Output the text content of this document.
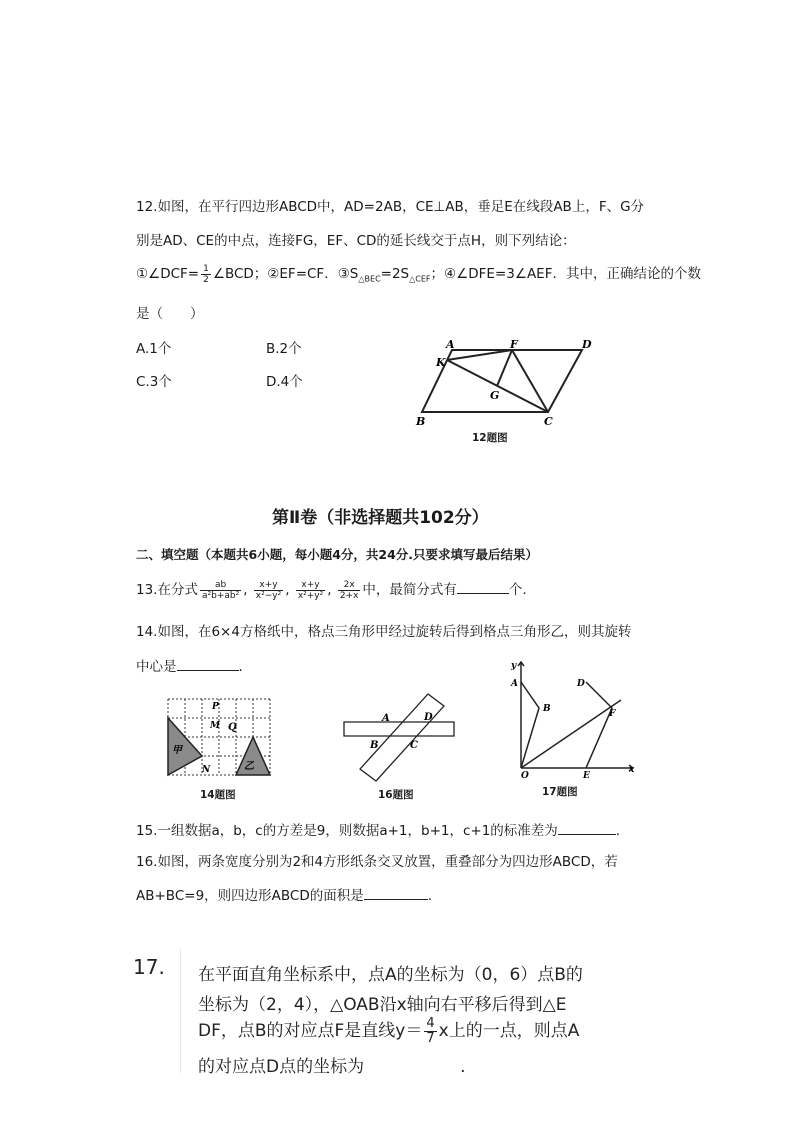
12.如图，在平行四边形ABCD中，AD=2AB，CE⊥AB，垂足E在线段AB上，F、G分
别是AD、CE的中点，连接FG，EF、CD的延长线交于点H，则下列结论：
①∠DCF= $\frac{1}{2}$ ∠BCD；②EF=CF．$③S_{\triangle BEC}=2S_{\triangle CEF}$；④∠DFE=3∠AEF．其中，正确结论的个数
是（　　）
A.1个	B.2个
C.3个	D.4个
A	F	D
K
G
B	C
12题图
第Ⅱ卷（非选择题共102分）
二、填空题（本题共6小题，每小题4分，共24分.只要求填写最后结果）
13.在分式 $\frac{ab}{\text{a²b+ab²}}$ , $\frac{x+y}{\text{x²−y²}}$ , $\frac{x+y}{\text{x²+y²}}$ , $\frac{2x}{2+x}$ 中，最简分式有	个.
14.如图，在6×4方格纸中，格点三角形甲经过旋转后得到格点三角形乙，则其旋转
中心是	.
P
M Q
甲
N	乙
14题图
A	D
B	C
16题图
y
A
B
D
F
O	E
x
17题图
15.一组数据a，b，c的方差是9，则数据a+1，b+1，c+1的标准差为	.
16.如图，两条宽度分别为2和4方形纸条交叉放置，重叠部分为四边形ABCD，若
AB+BC=9，则四边形ABCD的面积是	.
17. 在平面直角坐标系中，点A的坐标为（0，6）点B的
坐标为（2，4），△OAB沿x轴向右平移后得到△E
DF，点B的对应点F是直线$y= \frac{4}{7}$ x上的一点，则点A
的对应点D点的坐标为	.
